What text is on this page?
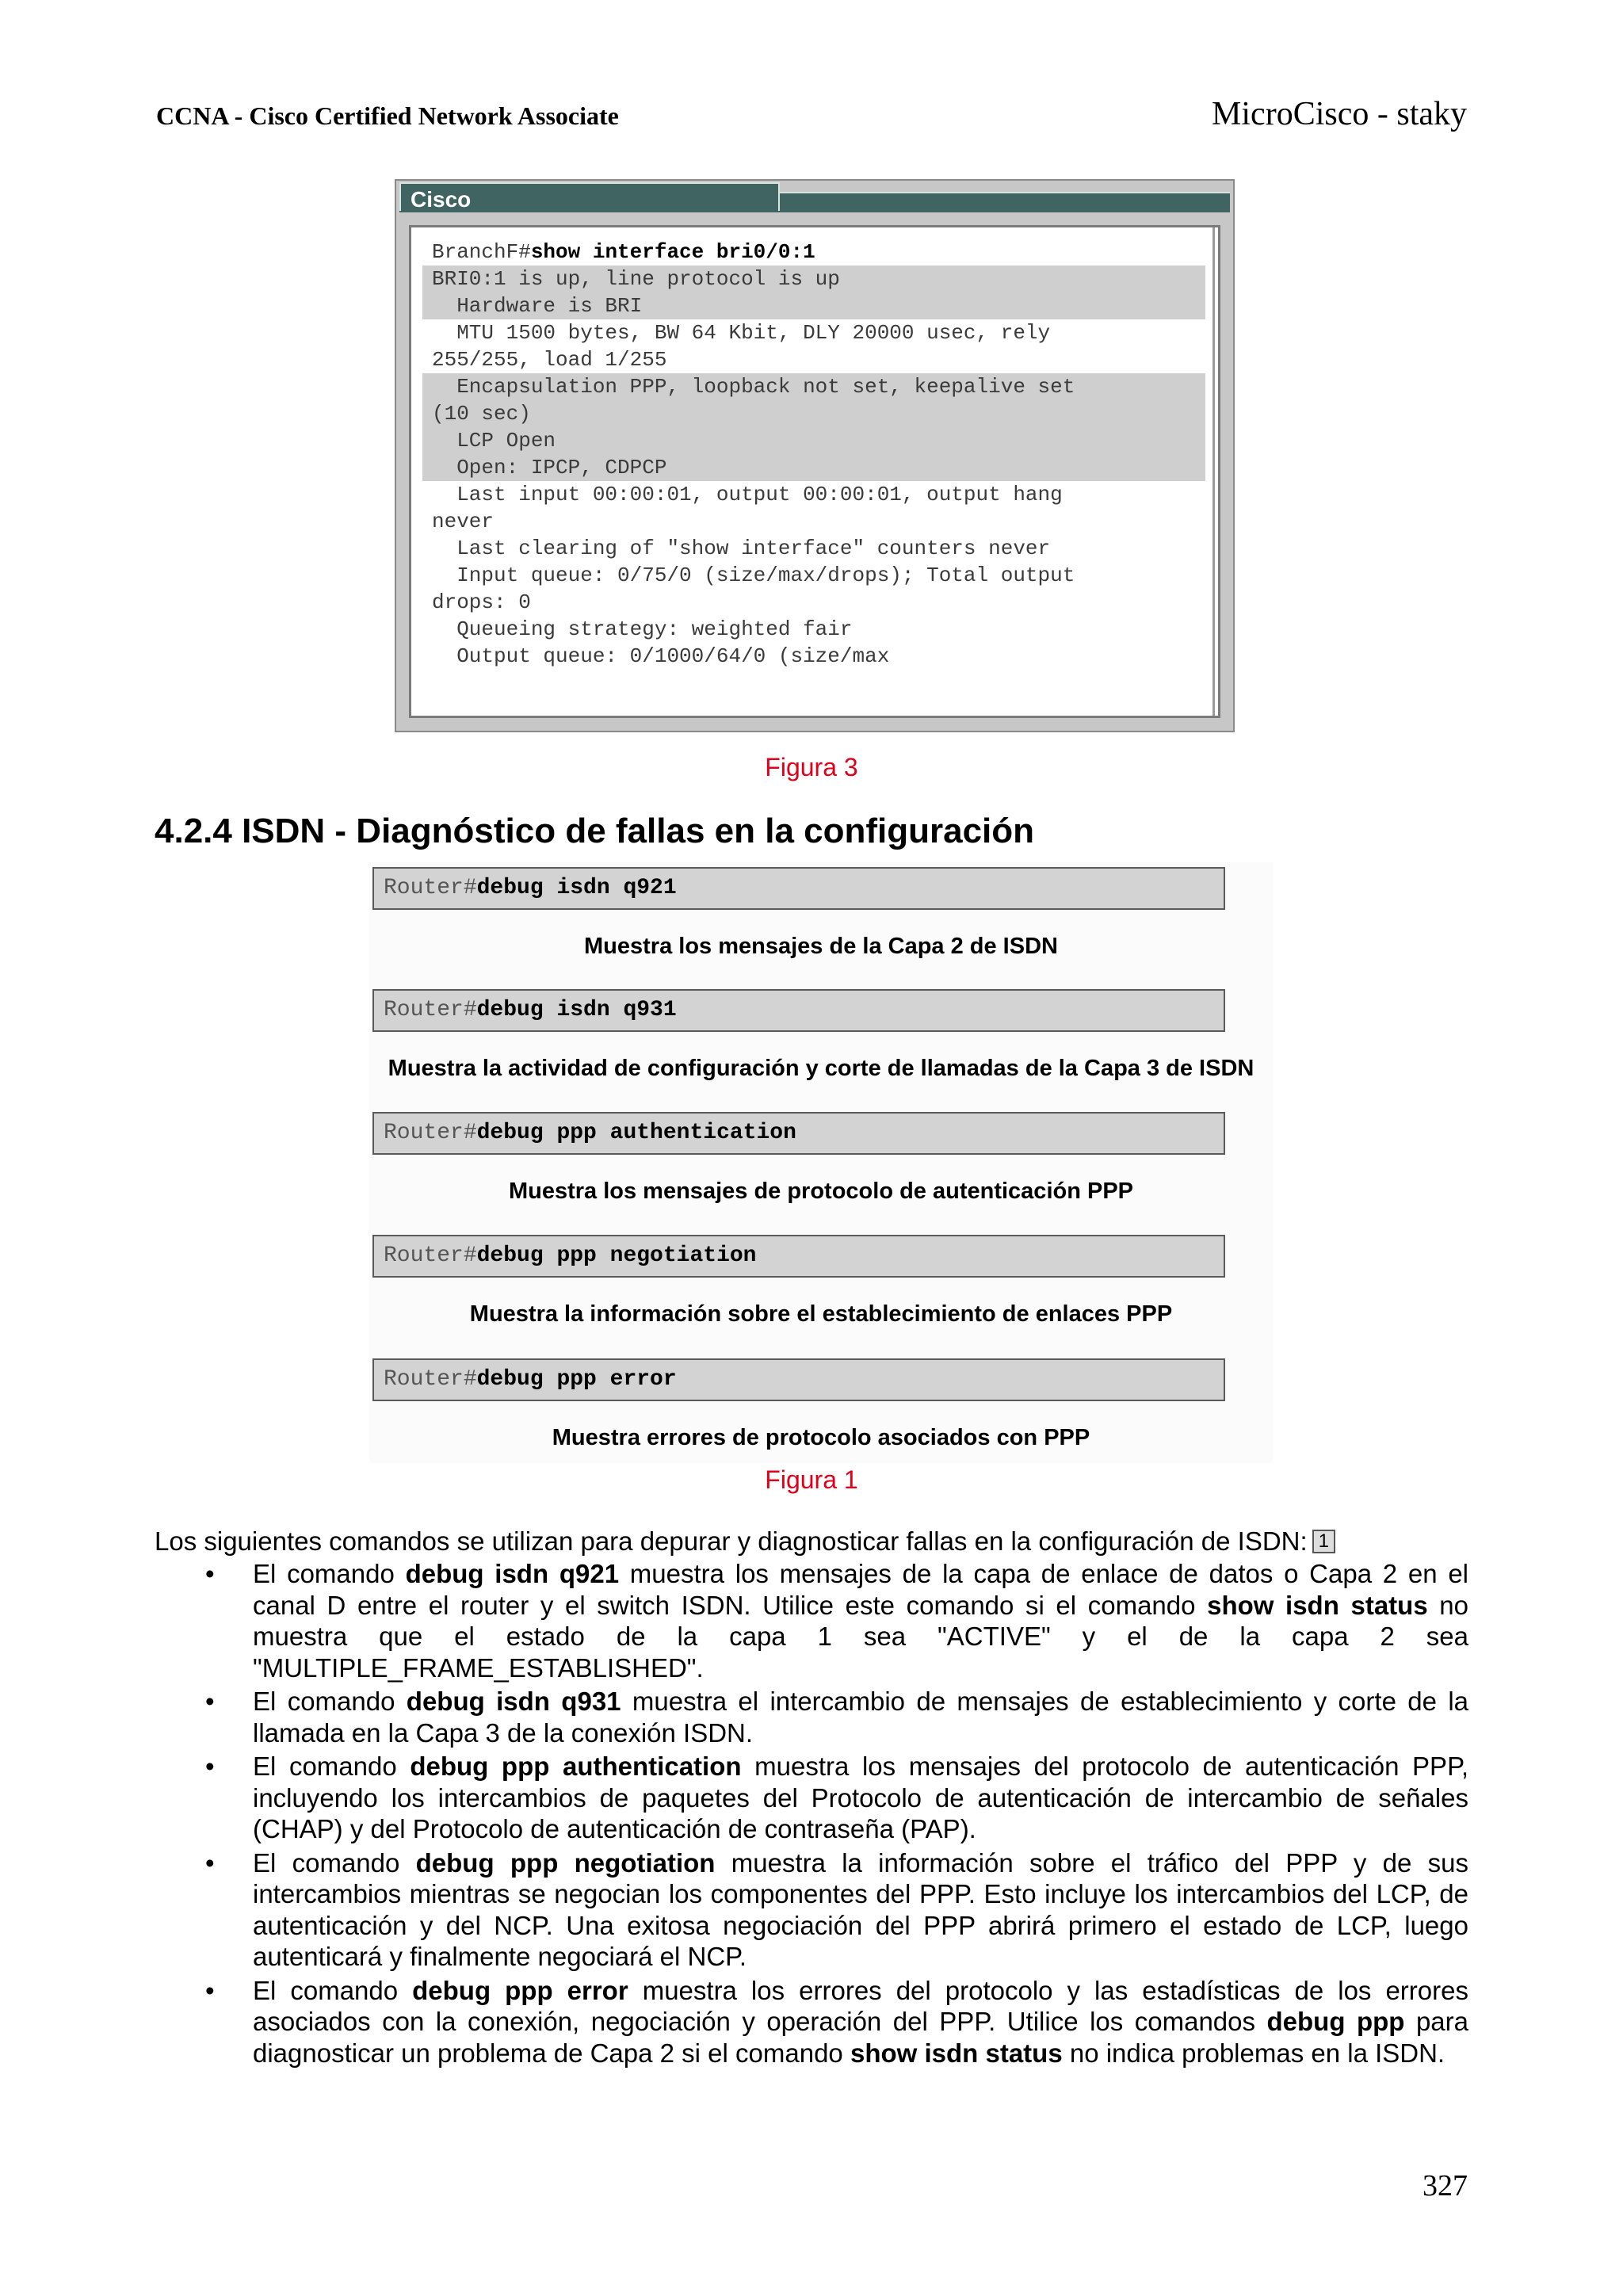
CCNA - Cisco Certified Network Associate	MicroCisco - staky
Cisco
BranchF#show interface bri0/0:1
BRI0:1 is up, line protocol is up
Hardware is BRI
MTU 1500 bytes, BW 64 Kbit, DLY 20000 usec, rely
255/255, load 1/255
Encapsulation PPP, loopback not set, keepalive set
(10 sec)
LCP Open
Open: IPCP, CDPCP
Last input 00:00:01, output 00:00:01, output hang
never
Last clearing of "show interface" counters never
Input queue: 0/75/0 (size/max/drops); Total output
drops: 0
Queueing strategy: weighted fair
Output queue: 0/1000/64/0 (size/max
Figura 3
4.2.4 ISDN - Diagnóstico de fallas en la configuración
Router#debug isdn q921
Muestra los mensajes de la Capa 2 de ISDN
Router#debug isdn q931
Muestra la actividad de configuración y corte de llamadas de la Capa 3 de ISDN
Router#debug ppp authentication
Muestra los mensajes de protocolo de autenticación PPP
Router#debug ppp negotiation
Muestra la información sobre el establecimiento de enlaces PPP
Router#debug ppp error
Muestra errores de protocolo asociados con PPP
Figura 1
Los siguientes comandos se utilizan para depurar y diagnosticar fallas en la configuración de ISDN: 1
• El comando debug isdn q921 muestra los mensajes de la capa de enlace de datos o Capa 2 en el canal D entre el router y el switch ISDN. Utilice este comando si el comando show isdn status no muestra que el estado de la capa 1 sea "ACTIVE" y el de la capa 2 sea "MULTIPLE_FRAME_ESTABLISHED".
• El comando debug isdn q931 muestra el intercambio de mensajes de establecimiento y corte de la llamada en la Capa 3 de la conexión ISDN.
• El comando debug ppp authentication muestra los mensajes del protocolo de autenticación PPP, incluyendo los intercambios de paquetes del Protocolo de autenticación de intercambio de señales (CHAP) y del Protocolo de autenticación de contraseña (PAP).
• El comando debug ppp negotiation muestra la información sobre el tráfico del PPP y de sus intercambios mientras se negocian los componentes del PPP. Esto incluye los intercambios del LCP, de autenticación y del NCP. Una exitosa negociación del PPP abrirá primero el estado de LCP, luego autenticará y finalmente negociará el NCP.
• El comando debug ppp error muestra los errores del protocolo y las estadísticas de los errores asociados con la conexión, negociación y operación del PPP. Utilice los comandos debug ppp para diagnosticar un problema de Capa 2 si el comando show isdn status no indica problemas en la ISDN.
327
